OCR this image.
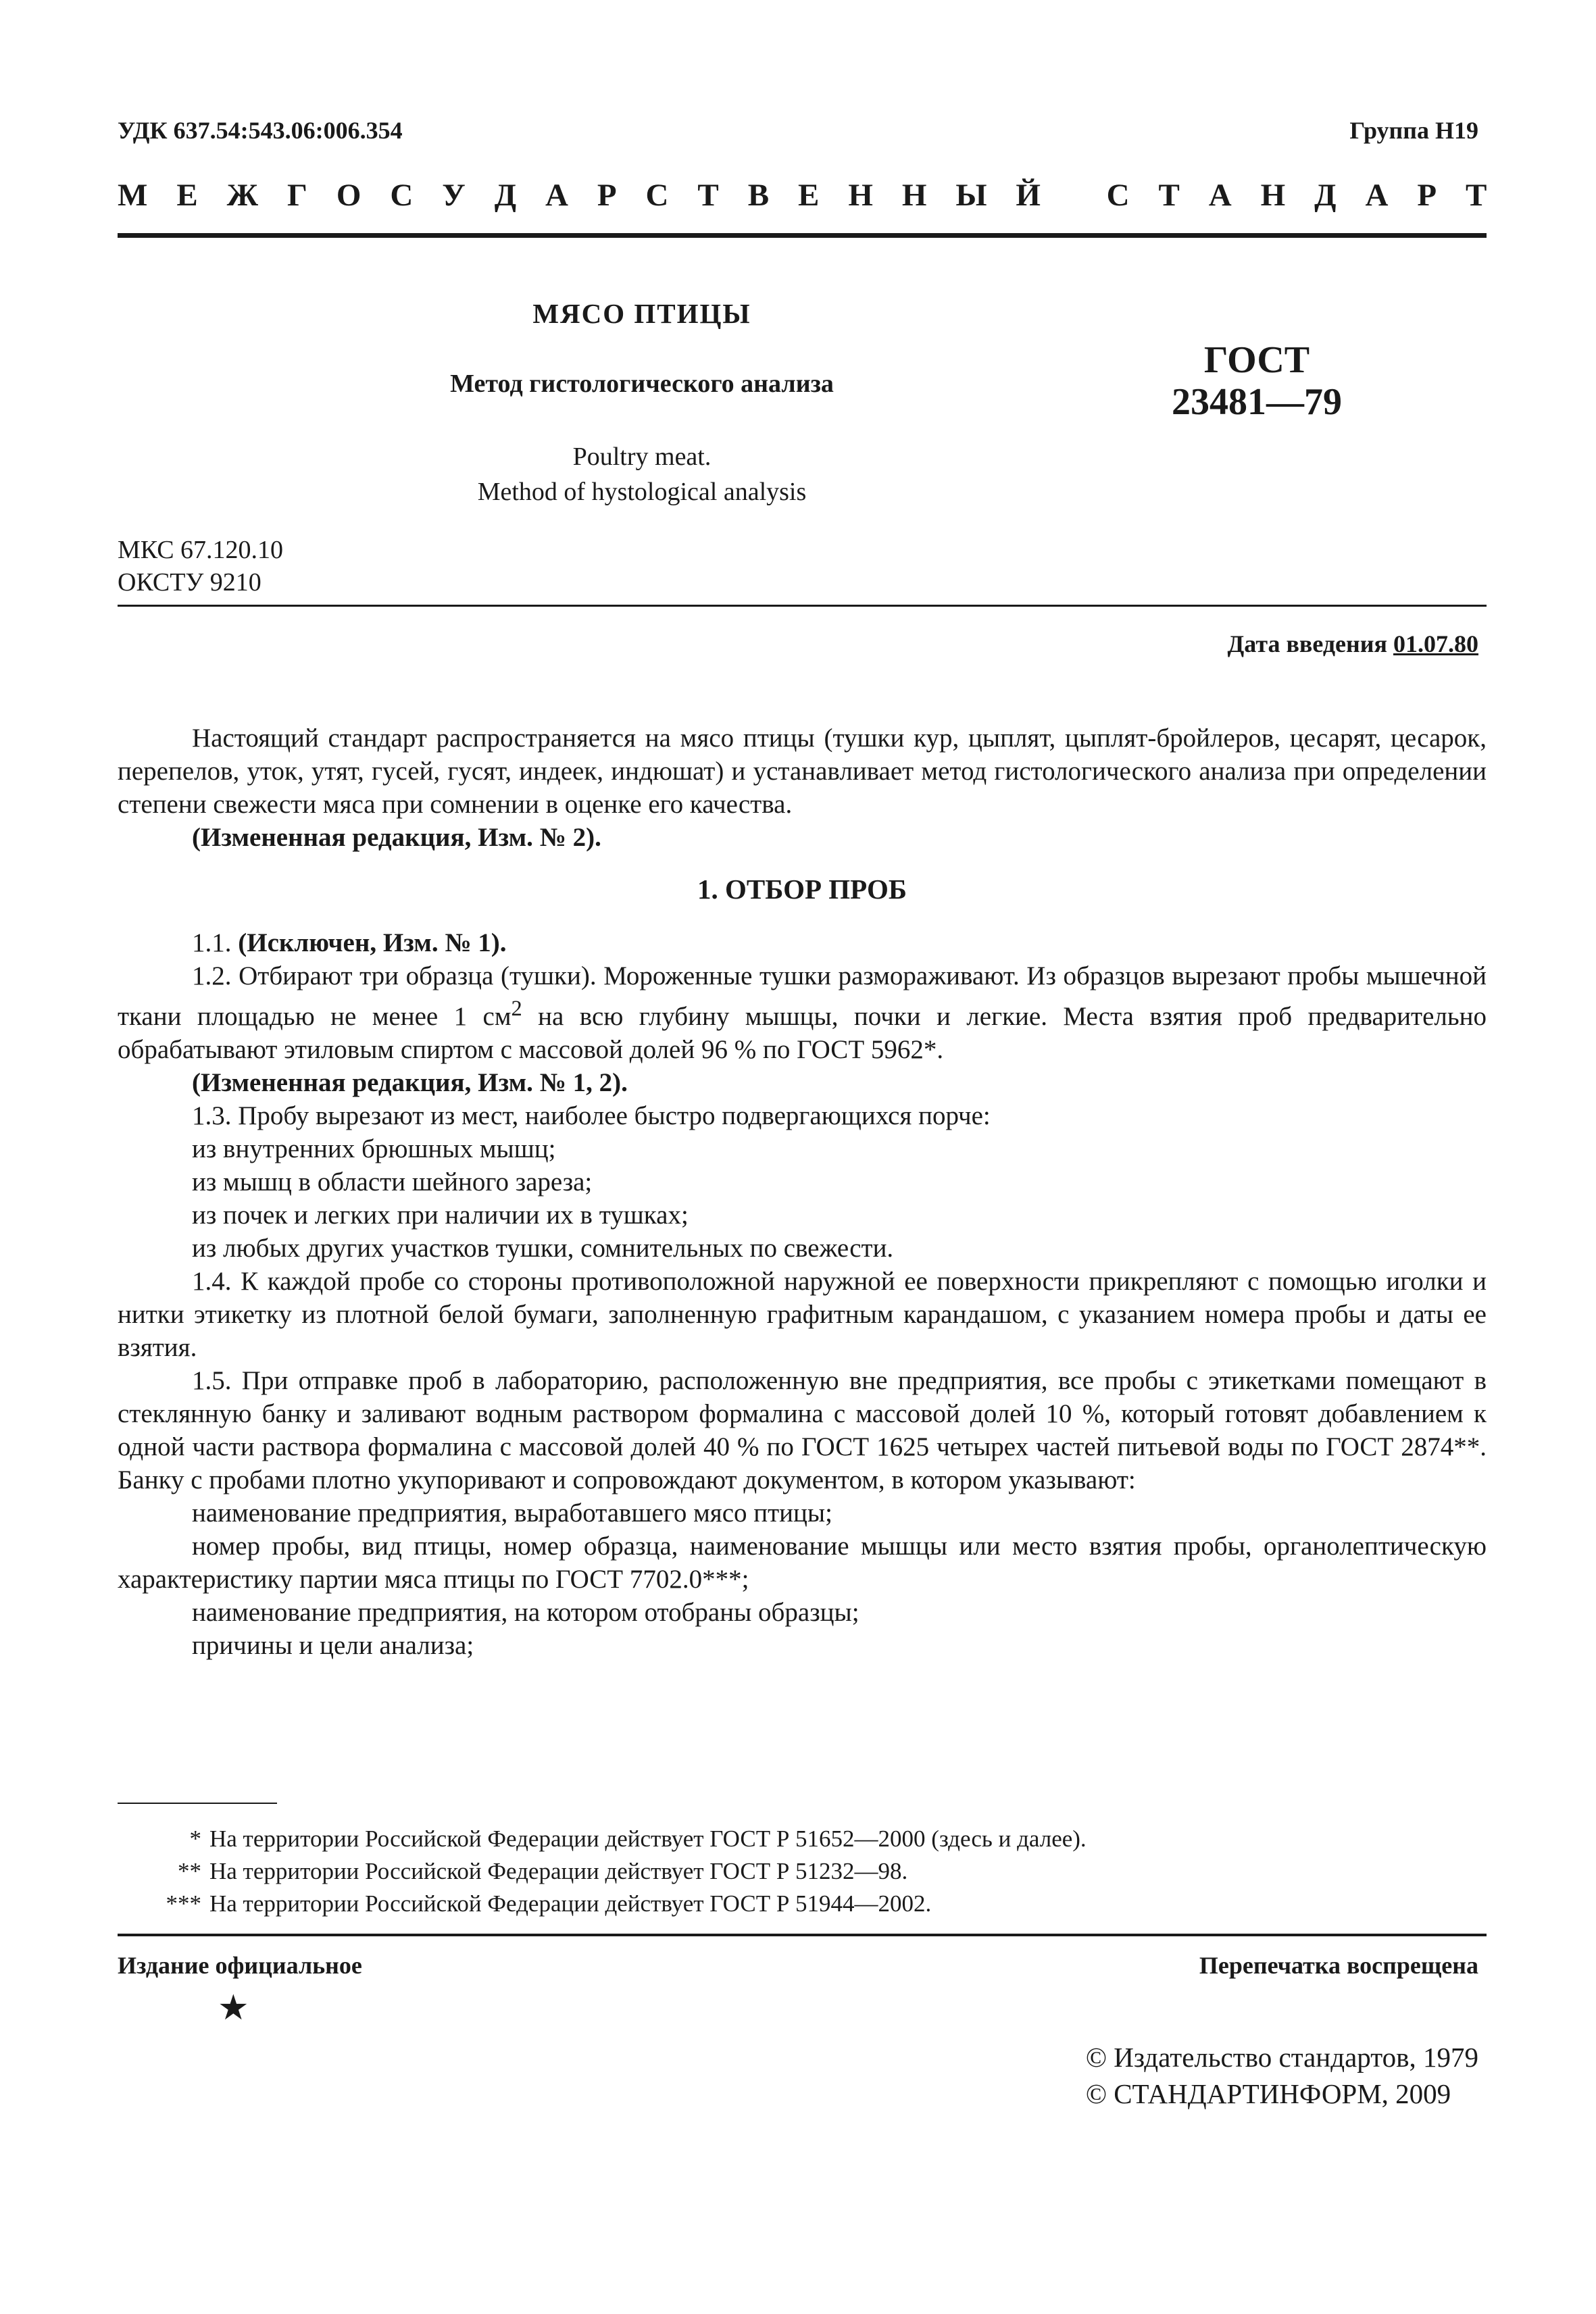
УДК 637.54:543.06:006.354	Группа Н19
М Е Ж Г О С У Д А Р С Т В Е Н Н Ы Й С Т А Н Д А Р Т
МЯСО ПТИЦЫ
Метод гистологического анализа
Poultry meat.
Method of hystological analysis
ГОСТ
23481—79
МКС 67.120.10
ОКСТУ 9210
Дата введения 01.07.80

Настоящий стандарт распространяется на мясо птицы (тушки кур, цыплят, цыплят-бройлеров, цесарят, цесарок, перепелов, уток, утят, гусей, гусят, индеек, индюшат) и устанавливает метод гистологического анализа при определении степени свежести мяса при сомнении в оценке его качества.

(Измененная редакция, Изм. № 2).

1. ОТБОР ПРОБ

1.1. (Исключен, Изм. № 1).

1.2. Отбирают три образца (тушки). Мороженные тушки размораживают. Из образцов вырезают пробы мышечной ткани площадью не менее 1 $см^2$ на всю глубину мышцы, почки и легкие. Места взятия проб предварительно обрабатывают этиловым спиртом с массовой долей 96 % по ГОСТ 5962*.

(Измененная редакция, Изм. № 1, 2).

1.3. Пробу вырезают из мест, наиболее быстро подвергающихся порче:

из внутренних брюшных мышц;

из мышц в области шейного зареза;

из почек и легких при наличии их в тушках;

из любых других участков тушки, сомнительных по свежести.

1.4. К каждой пробе со стороны противоположной наружной ее поверхности прикрепляют с помощью иголки и нитки этикетку из плотной белой бумаги, заполненную графитным карандашом, с указанием номера пробы и даты ее взятия.

1.5. При отправке проб в лабораторию, расположенную вне предприятия, все пробы с этикетками помещают в стеклянную банку и заливают водным раствором формалина с массовой долей 10 %, который готовят добавлением к одной части раствора формалина с массовой долей 40 % по ГОСТ 1625 четырех частей питьевой воды по ГОСТ 2874**. Банку с пробами плотно укупоривают и сопровождают документом, в котором указывают:

наименование предприятия, выработавшего мясо птицы;

номер пробы, вид птицы, номер образца, наименование мышцы или место взятия пробы, органолептическую характеристику партии мяса птицы по ГОСТ 7702.0***;

наименование предприятия, на котором отобраны образцы;

причины и цели анализа;

* На территории Российской Федерации действует ГОСТ Р 51652—2000 (здесь и далее).
** На территории Российской Федерации действует ГОСТ Р 51232—98.
*** На территории Российской Федерации действует ГОСТ Р 51944—2002.
Издание официальное	Перепечатка воспрещена
★
© Издательство стандартов, 1979
© СТАНДАРТИНФОРМ, 2009
